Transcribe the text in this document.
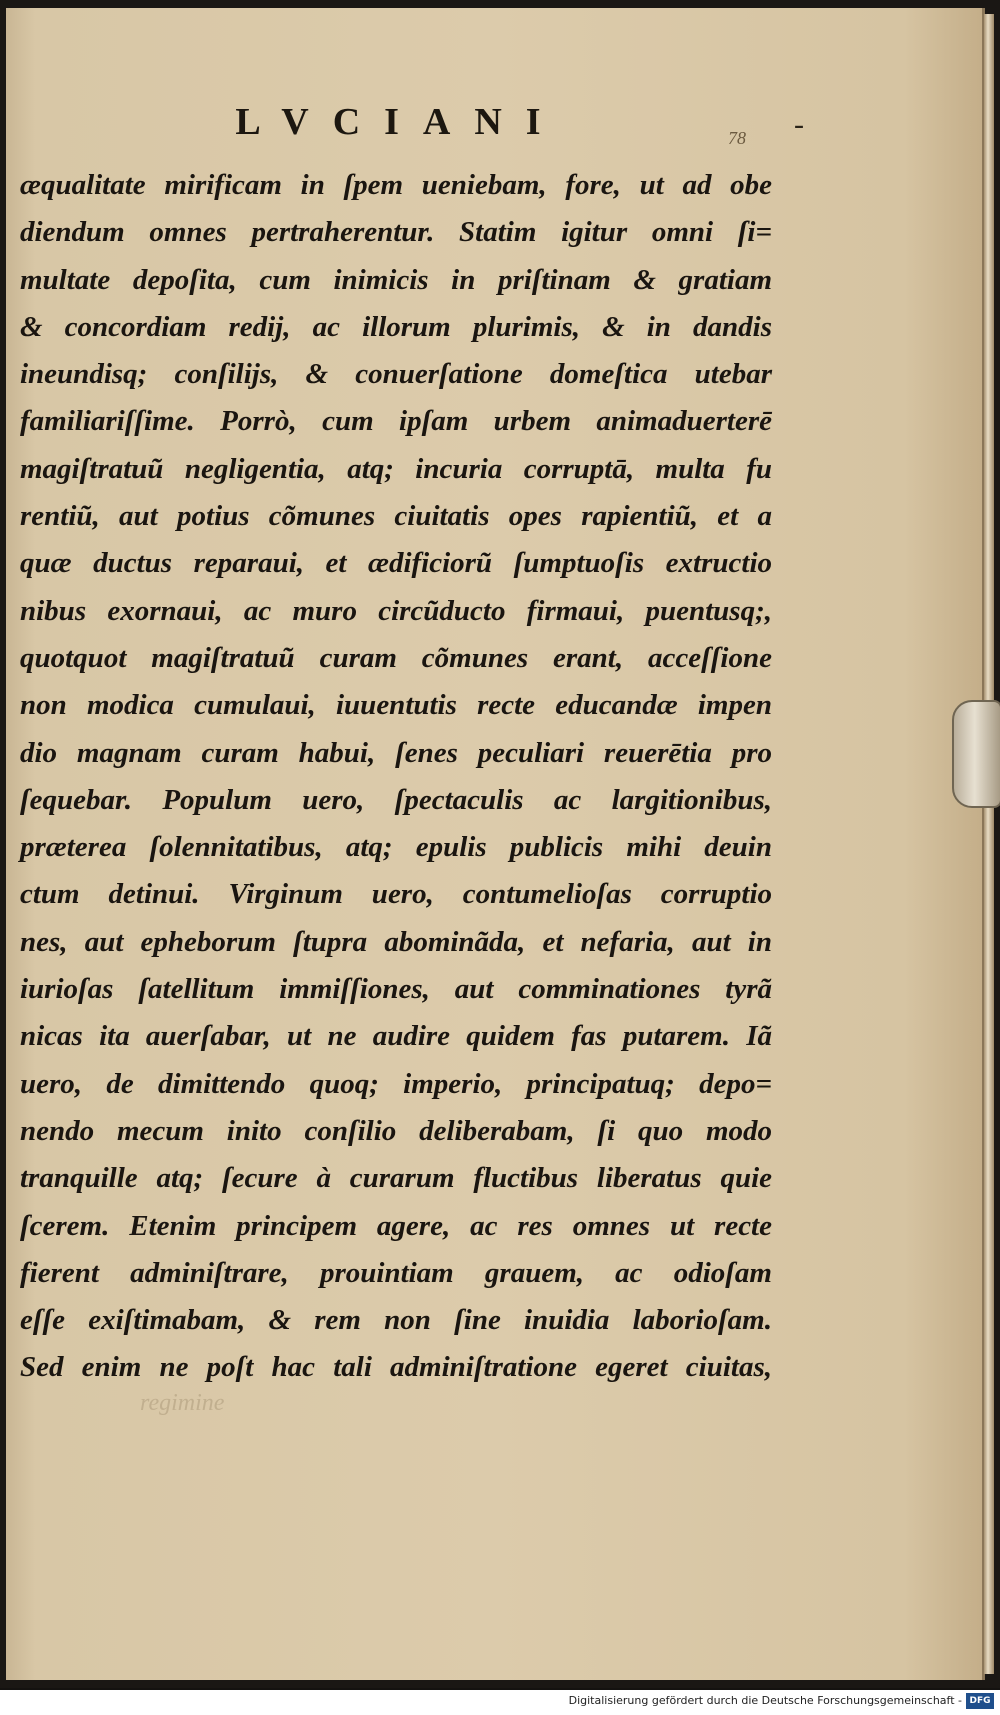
LVCIANI	-
78
æqualitate mirificam in ſpem ueniebam, fore, ut ad obe
diendum omnes pertraherentur. Statim igitur omni ſi=
multate depoſita, cum inimicis in priſtinam & gratiam
& concordiam redij, ac illorum plurimis, & in dandis
ineundisq; conſilijs, & conuerſatione domeſtica utebar
familiariſſime. Porrò, cum ipſam urbem animaduerterē
magiſtratuũ negligentia, atq; incuria corruptā, multa fu
rentiũ, aut potius cõmunes ciuitatis opes rapientiũ, et a
quæ ductus reparaui, et ædificiorũ ſumptuoſis extructio
nibus exornaui, ac muro circũducto firmaui, puentusq;,
quotquot magiſtratuũ curam cõmunes erant, acceſſione
non modica cumulaui, iuuentutis recte educandæ impen
dio magnam curam habui, ſenes peculiari reuerētia pro
ſequebar. Populum uero, ſpectaculis ac largitionibus,
præterea ſolennitatibus, atq; epulis publicis mihi deuin
ctum detinui. Virginum uero, contumelioſas corruptio
nes, aut epheborum ſtupra abominãda, et nefaria, aut in
iurioſas ſatellitum immiſſiones, aut comminationes tyrã
nicas ita auerſabar, ut ne audire quidem fas putarem. Iã
uero, de dimittendo quoq; imperio, principatuq; depo=
nendo mecum inito conſilio deliberabam, ſi quo modo
tranquille atq; ſecure à curarum fluctibus liberatus quie
ſcerem. Etenim principem agere, ac res omnes ut recte
fierent adminiſtrare, prouintiam grauem, ac odioſam
eſſe exiſtimabam, & rem non ſine inuidia laborioſam.
Sed enim ne poſt hac tali adminiſtratione egeret ciuitas,
regimine
Digitalisierung gefördert durch die Deutsche Forschungsgemeinschaft - DFG
